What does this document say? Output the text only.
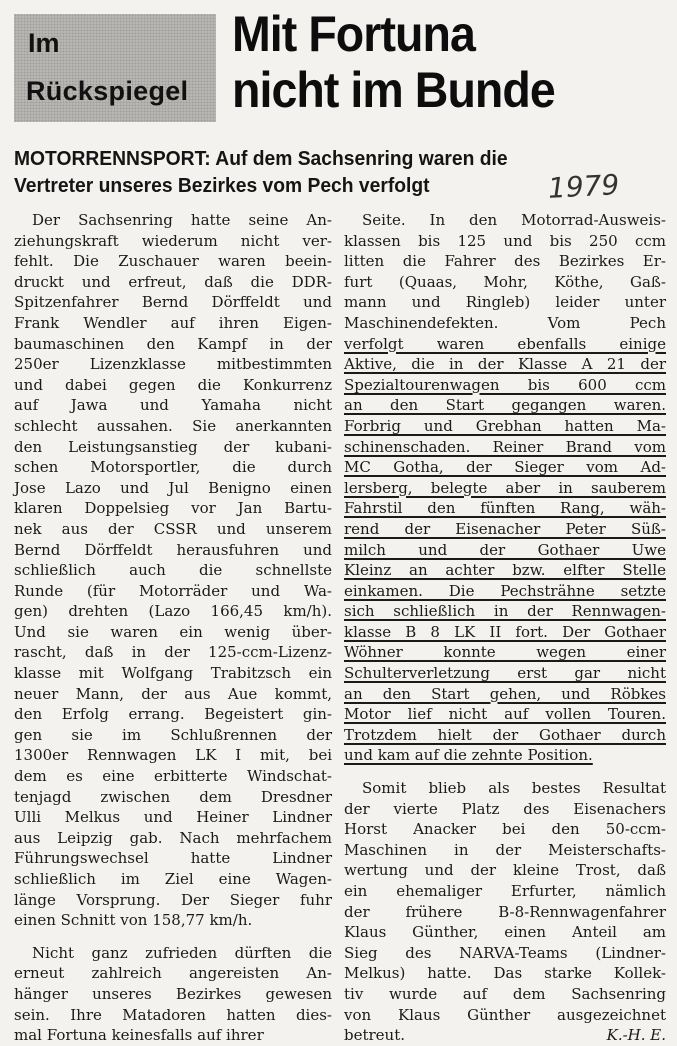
Im
Rückspiegel
Mit Fortuna
nicht im Bunde
MOTORRENNSPORT: Auf dem Sachsenring waren die
Vertreter unseres Bezirkes vom Pech verfolgt	1979
Der Sachsenring hatte seine An-
ziehungskraft wiederum nicht ver-
fehlt. Die Zuschauer waren beein-
druckt und erfreut, daß die DDR-
Spitzenfahrer Bernd Dörffeldt und
Frank Wendler auf ihren Eigen-
baumaschinen den Kampf in der
250er Lizenzklasse mitbestimmten
und dabei gegen die Konkurrenz
auf Jawa und Yamaha nicht
schlecht aussahen. Sie anerkannten
den Leistungsanstieg der kubani-
schen Motorsportler, die durch
Jose Lazo und Jul Benigno einen
klaren Doppelsieg vor Jan Bartu-
nek aus der CSSR und unserem
Bernd Dörffeldt herausfuhren und
schließlich auch die schnellste
Runde (für Motorräder und Wa-
gen) drehten (Lazo 166,45 km/h).
Und sie waren ein wenig über-
rascht, daß in der 125-ccm-Lizenz-
klasse mit Wolfgang Trabitzsch ein
neuer Mann, der aus Aue kommt,
den Erfolg errang. Begeistert gin-
gen sie im Schlußrennen der
1300er Rennwagen LK I mit, bei
dem es eine erbitterte Windschat-
tenjagd zwischen dem Dresdner
Ulli Melkus und Heiner Lindner
aus Leipzig gab. Nach mehrfachem
Führungswechsel hatte Lindner
schließlich im Ziel eine Wagen-
länge Vorsprung. Der Sieger fuhr
einen Schnitt von 158,77 km/h.
Nicht ganz zufrieden dürften die
erneut zahlreich angereisten An-
hänger unseres Bezirkes gewesen
sein. Ihre Matadoren hatten dies-
mal Fortuna keinesfalls auf ihrer
Seite. In den Motorrad-Ausweis-
klassen bis 125 und bis 250 ccm
litten die Fahrer des Bezirkes Er-
furt (Quaas, Mohr, Köthe, Gaß-
mann und Ringleb) leider unter
Maschinendefekten. Vom Pech
verfolgt waren ebenfalls einige
Aktive, die in der Klasse A 21 der
Spezialtourenwagen bis 600 ccm
an den Start gegangen waren.
Forbrig und Grebhan hatten Ma-
schinenschaden. Reiner Brand vom
MC Gotha, der Sieger vom Ad-
lersberg, belegte aber in sauberem
Fahrstil den fünften Rang, wäh-
rend der Eisenacher Peter Süß-
milch und der Gothaer Uwe
Kleinz an achter bzw. elfter Stelle
einkamen. Die Pechsträhne setzte
sich schließlich in der Rennwagen-
klasse B 8 LK II fort. Der Gothaer
Wöhner konnte wegen einer
Schulterverletzung erst gar nicht
an den Start gehen, und Röbkes
Motor lief nicht auf vollen Touren.
Trotzdem hielt der Gothaer durch
und kam auf die zehnte Position.
Somit blieb als bestes Resultat
der vierte Platz des Eisenachers
Horst Anacker bei den 50-ccm-
Maschinen in der Meisterschafts-
wertung und der kleine Trost, daß
ein ehemaliger Erfurter, nämlich
der frühere B-8-Rennwagenfahrer
Klaus Günther, einen Anteil am
Sieg des NARVA-Teams (Lindner-
Melkus) hatte. Das starke Kollek-
tiv wurde auf dem Sachsenring
von Klaus Günther ausgezeichnet
betreut.	K.-H. E.
